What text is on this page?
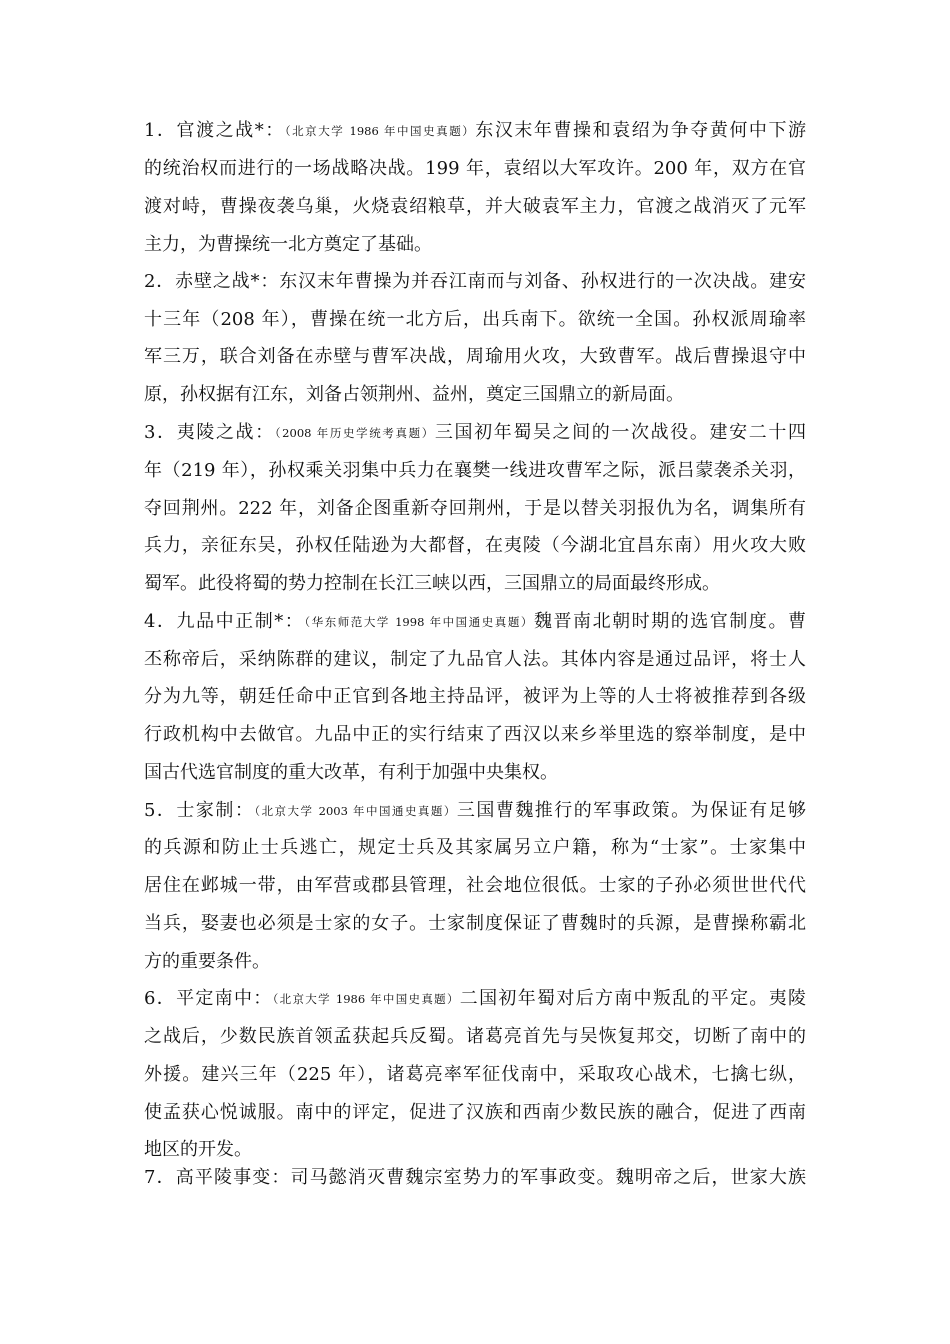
1．官渡之战*：（北京大学 1986 年中国史真题）东汉末年曹操和袁绍为争夺黄何中下游
的统治权而进行的一场战略决战。199 年，袁绍以大军攻许。200 年，双方在官
渡对峙，曹操夜袭乌巢，火烧袁绍粮草，并大破袁军主力，官渡之战消灭了元军
主力，为曹操统一北方奠定了基础。
2．赤壁之战*：东汉末年曹操为并吞江南而与刘备、孙权进行的一次决战。建安
十三年（208 年），曹操在统一北方后，出兵南下。欲统一全国。孙权派周瑜率
军三万，联合刘备在赤壁与曹军决战，周瑜用火攻，大致曹军。战后曹操退守中
原，孙权据有江东，刘备占领荆州、益州，奠定三国鼎立的新局面。
3．夷陵之战：（2008 年历史学统考真题）三国初年蜀吴之间的一次战役。建安二十四
年（219 年），孙权乘关羽集中兵力在襄樊一线进攻曹军之际，派吕蒙袭杀关羽，
夺回荆州。222 年，刘备企图重新夺回荆州，于是以替关羽报仇为名，调集所有
兵力，亲征东吴，孙权任陆逊为大都督，在夷陵（今湖北宜昌东南）用火攻大败
蜀军。此役将蜀的势力控制在长江三峡以西，三国鼎立的局面最终形成。
4．九品中正制*：（华东师范大学 1998 年中国通史真题）魏晋南北朝时期的选官制度。曹
丕称帝后，采纳陈群的建议，制定了九品官人法。其体内容是通过品评，将士人
分为九等，朝廷任命中正官到各地主持品评，被评为上等的人士将被推荐到各级
行政机构中去做官。九品中正的实行结束了西汉以来乡举里选的察举制度，是中
国古代选官制度的重大改革，有利于加强中央集权。
5．士家制：（北京大学 2003 年中国通史真题）三国曹魏推行的军事政策。为保证有足够
的兵源和防止士兵逃亡，规定士兵及其家属另立户籍，称为“士家”。士家集中
居住在邺城一带，由军营或郡县管理，社会地位很低。士家的子孙必须世世代代
当兵，娶妻也必须是士家的女子。士家制度保证了曹魏时的兵源，是曹操称霸北
方的重要条件。
6．平定南中：（北京大学 1986 年中国史真题）二国初年蜀对后方南中叛乱的平定。夷陵
之战后，少数民族首领孟获起兵反蜀。诸葛亮首先与吴恢复邦交，切断了南中的
外援。建兴三年（225 年），诸葛亮率军征伐南中，采取攻心战术，七擒七纵，
使孟获心悦诚服。南中的评定，促进了汉族和西南少数民族的融合，促进了西南
地区的开发。
7．高平陵事变：司马懿消灭曹魏宗室势力的军事政变。魏明帝之后，世家大族
